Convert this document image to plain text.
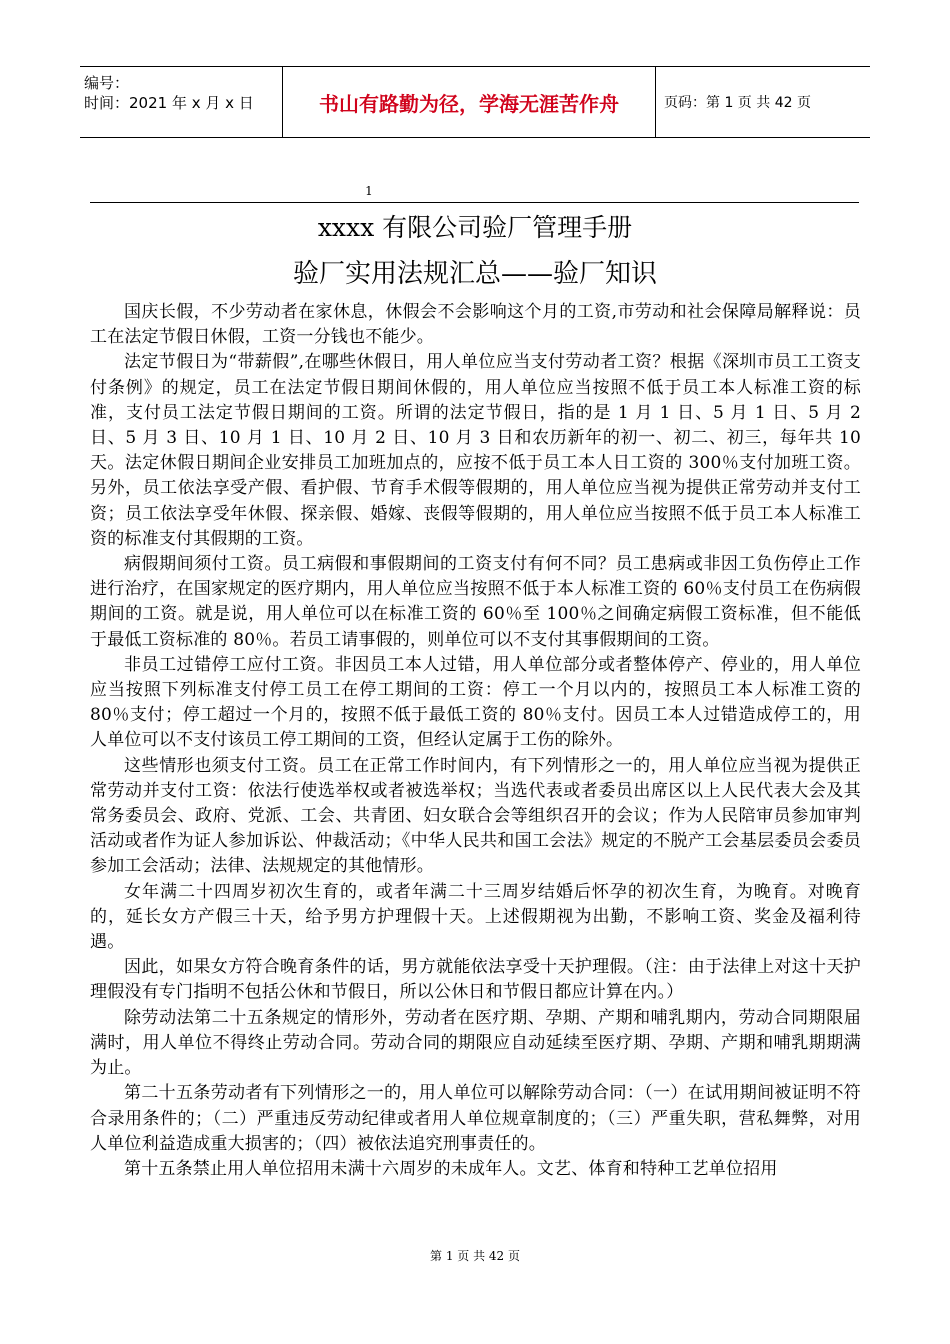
编号：
时间：2021 年 x 月 x 日	书山有路勤为径，学海无涯苦作舟	页码：第 1 页 共 42 页
1
xxxx 有限公司验厂管理手册
验厂实用法规汇总——验厂知识

国庆长假，不少劳动者在家休息，休假会不会影响这个月的工资,市劳动和社会保障局解释说：员工在法定节假日休假，工资一分钱也不能少。

法定节假日为“带薪假”,在哪些休假日，用人单位应当支付劳动者工资？根据《深圳市员工工资支付条例》的规定，员工在法定节假日期间休假的，用人单位应当按照不低于员工本人标准工资的标准，支付员工法定节假日期间的工资。所谓的法定节假日，指的是 1 月 1 日、5 月 1 日、5 月 2 日、5 月 3 日、10 月 1 日、10 月 2 日、10 月 3 日和农历新年的初一、初二、初三，每年共 10 天。法定休假日期间企业安排员工加班加点的，应按不低于员工本人日工资的 300％支付加班工资。另外，员工依法享受产假、看护假、节育手术假等假期的，用人单位应当视为提供正常劳动并支付工资；员工依法享受年休假、探亲假、婚嫁、丧假等假期的，用人单位应当按照不低于员工本人标准工资的标准支付其假期的工资。

病假期间须付工资。员工病假和事假期间的工资支付有何不同？员工患病或非因工负伤停止工作进行治疗，在国家规定的医疗期内，用人单位应当按照不低于本人标准工资的 60％支付员工在伤病假期间的工资。就是说，用人单位可以在标准工资的 60％至 100％之间确定病假工资标准，但不能低于最低工资标准的 80％。若员工请事假的，则单位可以不支付其事假期间的工资。

非员工过错停工应付工资。非因员工本人过错，用人单位部分或者整体停产、停业的，用人单位应当按照下列标准支付停工员工在停工期间的工资：停工一个月以内的，按照员工本人标准工资的 80％支付；停工超过一个月的，按照不低于最低工资的 80％支付。因员工本人过错造成停工的，用人单位可以不支付该员工停工期间的工资，但经认定属于工伤的除外。

这些情形也须支付工资。员工在正常工作时间内，有下列情形之一的，用人单位应当视为提供正常劳动并支付工资：依法行使选举权或者被选举权；当选代表或者委员出席区以上人民代表大会及其常务委员会、政府、党派、工会、共青团、妇女联合会等组织召开的会议；作为人民陪审员参加审判活动或者作为证人参加诉讼、仲裁活动；《中华人民共和国工会法》规定的不脱产工会基层委员会委员参加工会活动；法律、法规规定的其他情形。

女年满二十四周岁初次生育的，或者年满二十三周岁结婚后怀孕的初次生育，为晚育。对晚育的，延长女方产假三十天，给予男方护理假十天。上述假期视为出勤，不影响工资、奖金及福利待遇。

因此，如果女方符合晚育条件的话，男方就能依法享受十天护理假。（注：由于法律上对这十天护理假没有专门指明不包括公休和节假日，所以公休日和节假日都应计算在内。）

除劳动法第二十五条规定的情形外，劳动者在医疗期、孕期、产期和哺乳期内，劳动合同期限届满时，用人单位不得终止劳动合同。劳动合同的期限应自动延续至医疗期、孕期、产期和哺乳期期满为止。

第二十五条劳动者有下列情形之一的，用人单位可以解除劳动合同：（一）在试用期间被证明不符合录用条件的；（二）严重违反劳动纪律或者用人单位规章制度的；（三）严重失职，营私舞弊，对用人单位利益造成重大损害的；（四）被依法追究刑事责任的。

第十五条禁止用人单位招用未满十六周岁的未成年人。文艺、体育和特种工艺单位招用

第 1 页 共 42 页
